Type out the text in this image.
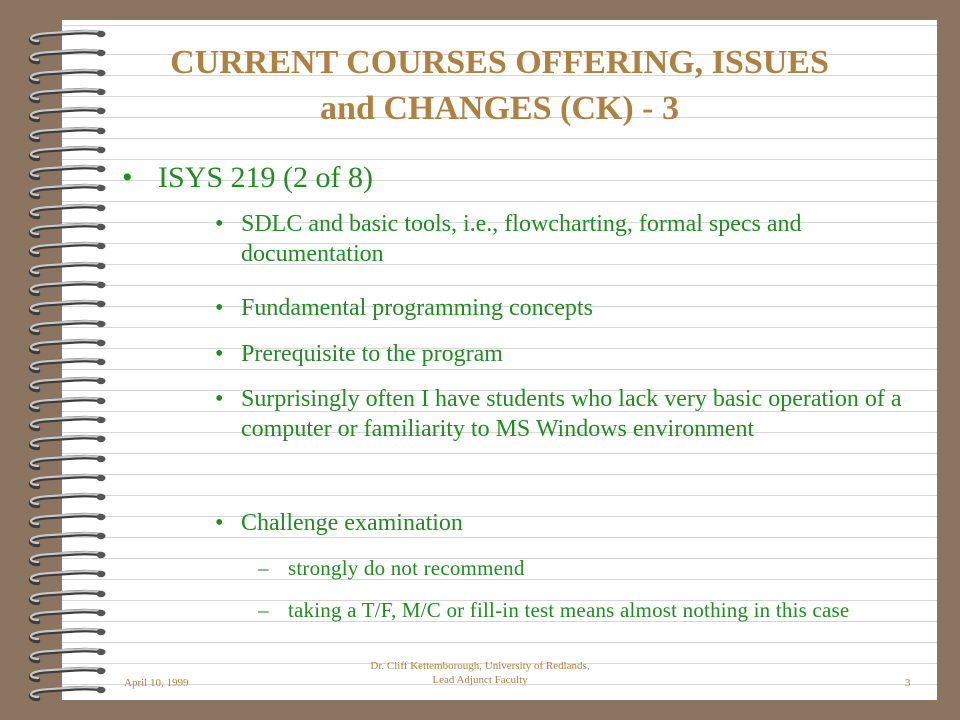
CURRENT COURSES OFFERING, ISSUES
and CHANGES (CK) - 3
• ISYS 219 (2 of 8)
• SDLC and basic tools, i.e., flowcharting, formal specs and documentation
• Fundamental programming concepts
• Prerequisite to the program
• Surprisingly often I have students who lack very basic operation of a computer or familiarity to MS Windows environment
• Challenge examination
– strongly do not recommend
– taking a T/F, M/C or fill-in test means almost nothing in this case
April 10, 1999
Dr. Cliff Kettemborough, University of Redlands,
Lead Adjunct Faculty	3
